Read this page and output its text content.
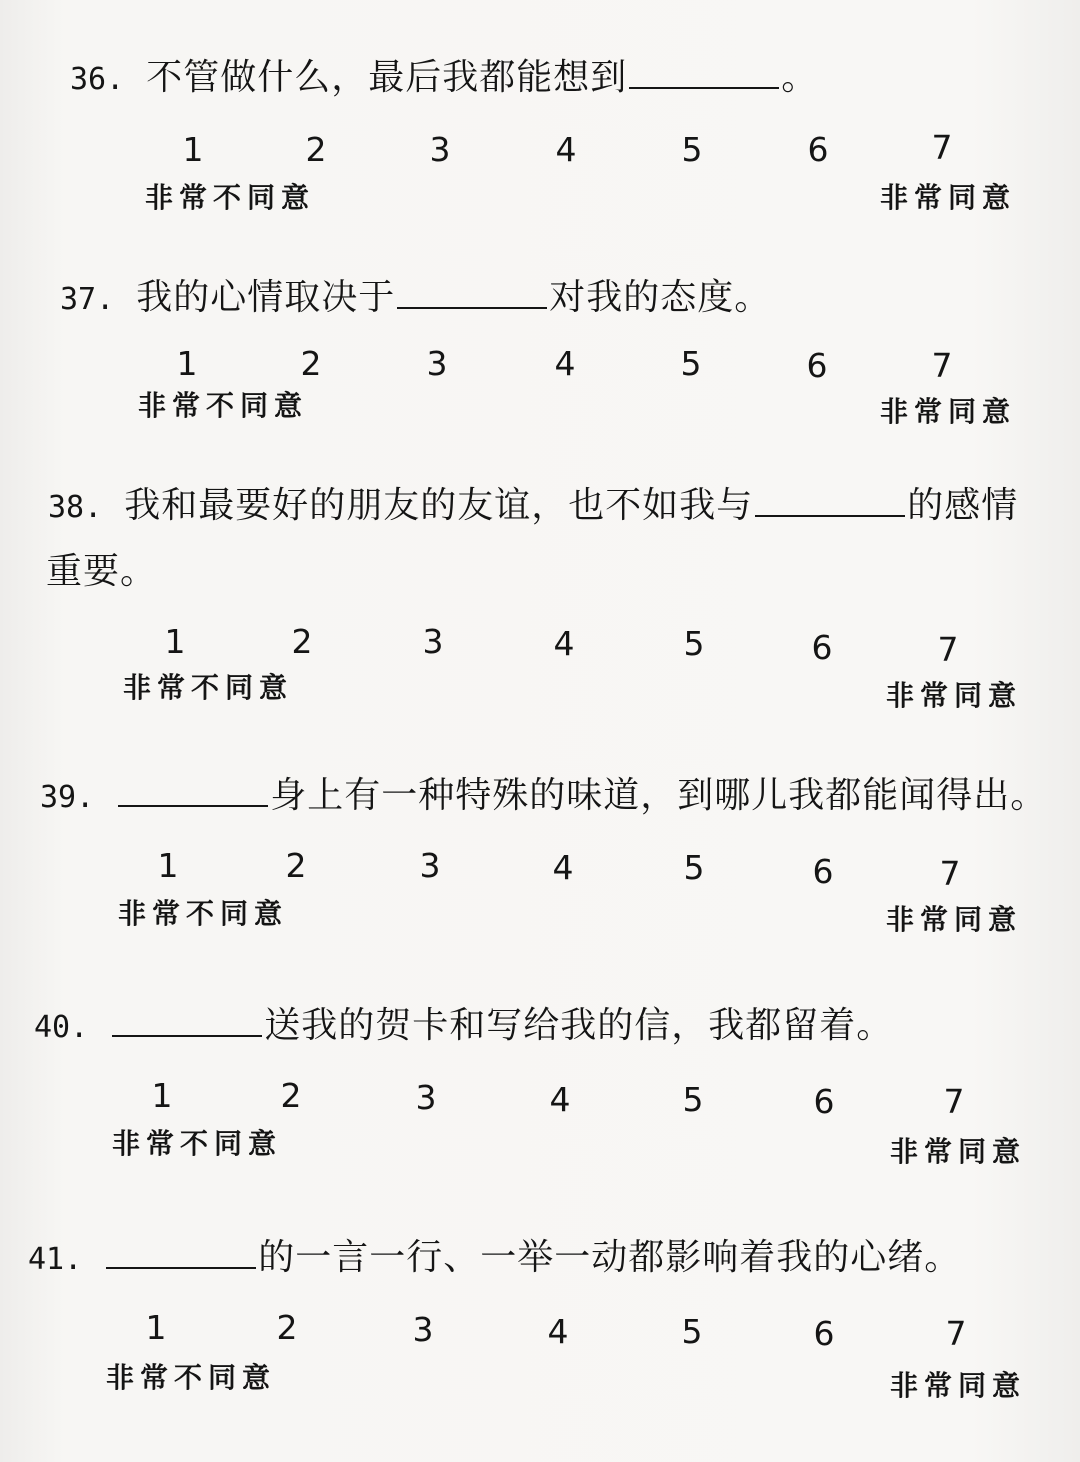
36. 不管做什么，最后我都能想到	。
1	2	3	4	5	6	7
非常不同意	非常同意
37. 我的心情取决于	对我的态度。
1	2	3	4	5	6	7
非常不同意	非常同意
38. 我和最要好的朋友的友谊，也不如我与	的感情
重要。
1	2	3	4	5	6	7
非常不同意	非常同意
39.	身上有一种特殊的味道，到哪儿我都能闻得出。
1	2	3	4	5	6	7
非常不同意	非常同意
40.	送我的贺卡和写给我的信，我都留着。
1	2	3	4	5	6	7
非常不同意	非常同意
41.	的一言一行、一举一动都影响着我的心绪。
1	2	3	4	5	6	7
非常不同意	非常同意
